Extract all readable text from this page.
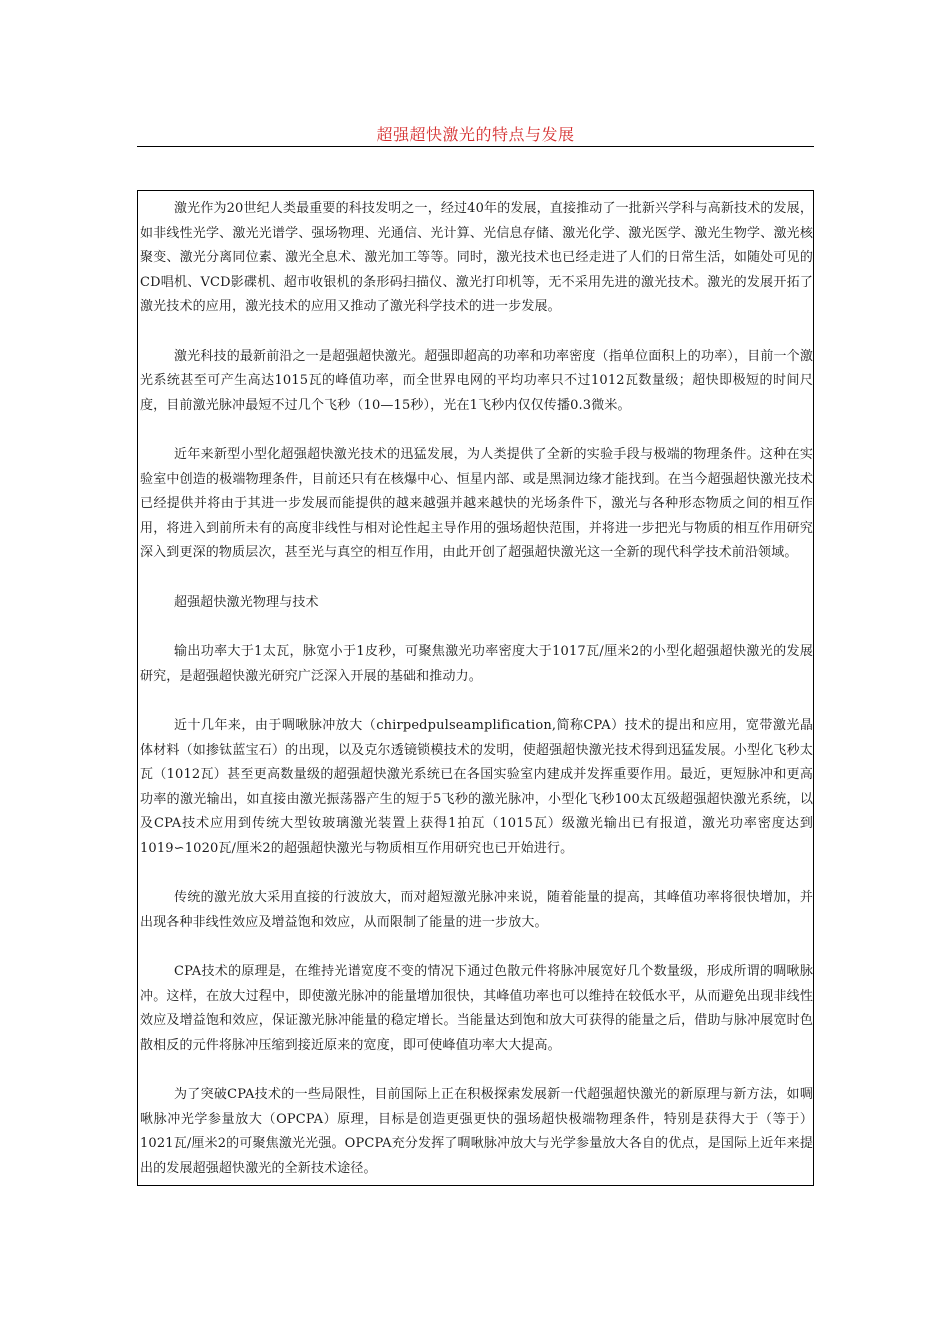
超强超快激光的特点与发展

激光作为20世纪人类最重要的科技发明之一，经过40年的发展，直接推动了一批新兴学科与高新技术的发展，如非线性光学、激光光谱学、强场物理、光通信、光计算、光信息存储、激光化学、激光医学、激光生物学、激光核聚变、激光分离同位素、激光全息术、激光加工等等。同时，激光技术也已经走进了人们的日常生活，如随处可见的CD唱机、VCD影碟机、超市收银机的条形码扫描仪、激光打印机等，无不采用先进的激光技术。激光的发展开拓了激光技术的应用，激光技术的应用又推动了激光科学技术的进一步发展。

激光科技的最新前沿之一是超强超快激光。超强即超高的功率和功率密度（指单位面积上的功率），目前一个激光系统甚至可产生高达1015瓦的峰值功率，而全世界电网的平均功率只不过1012瓦数量级；超快即极短的时间尺度，目前激光脉冲最短不过几个飞秒（10—15秒），光在1飞秒内仅仅传播0.3微米。

近年来新型小型化超强超快激光技术的迅猛发展，为人类提供了全新的实验手段与极端的物理条件。这种在实验室中创造的极端物理条件，目前还只有在核爆中心、恒星内部、或是黑洞边缘才能找到。在当今超强超快激光技术已经提供并将由于其进一步发展而能提供的越来越强并越来越快的光场条件下，激光与各种形态物质之间的相互作用，将进入到前所未有的高度非线性与相对论性起主导作用的强场超快范围，并将进一步把光与物质的相互作用研究深入到更深的物质层次，甚至光与真空的相互作用，由此开创了超强超快激光这一全新的现代科学技术前沿领域。

超强超快激光物理与技术

输出功率大于1太瓦，脉宽小于1皮秒，可聚焦激光功率密度大于1017瓦/厘米2的小型化超强超快激光的发展研究，是超强超快激光研究广泛深入开展的基础和推动力。

近十几年来，由于啁啾脉冲放大（chirpedpulseamplification,简称CPA）技术的提出和应用，宽带激光晶体材料（如掺钛蓝宝石）的出现，以及克尔透镜锁模技术的发明，使超强超快激光技术得到迅猛发展。小型化飞秒太瓦（1012瓦）甚至更高数量级的超强超快激光系统已在各国实验室内建成并发挥重要作用。最近，更短脉冲和更高功率的激光输出，如直接由激光振荡器产生的短于5飞秒的激光脉冲，小型化飞秒100太瓦级超强超快激光系统，以及CPA技术应用到传统大型钕玻璃激光装置上获得1拍瓦（1015瓦）级激光输出已有报道，激光功率密度达到1019∽1020瓦/厘米2的超强超快激光与物质相互作用研究也已开始进行。

传统的激光放大采用直接的行波放大，而对超短激光脉冲来说，随着能量的提高，其峰值功率将很快增加，并出现各种非线性效应及增益饱和效应，从而限制了能量的进一步放大。

CPA技术的原理是，在维持光谱宽度不变的情况下通过色散元件将脉冲展宽好几个数量级，形成所谓的啁啾脉冲。这样，在放大过程中，即使激光脉冲的能量增加很快，其峰值功率也可以维持在较低水平，从而避免出现非线性效应及增益饱和效应，保证激光脉冲能量的稳定增长。当能量达到饱和放大可获得的能量之后，借助与脉冲展宽时色散相反的元件将脉冲压缩到接近原来的宽度，即可使峰值功率大大提高。

为了突破CPA技术的一些局限性，目前国际上正在积极探索发展新一代超强超快激光的新原理与新方法，如啁啾脉冲光学参量放大（OPCPA）原理，目标是创造更强更快的强场超快极端物理条件，特别是获得大于（等于）1021瓦/厘米2的可聚焦激光光强。OPCPA充分发挥了啁啾脉冲放大与光学参量放大各自的优点，是国际上近年来提出的发展超强超快激光的全新技术途径。
